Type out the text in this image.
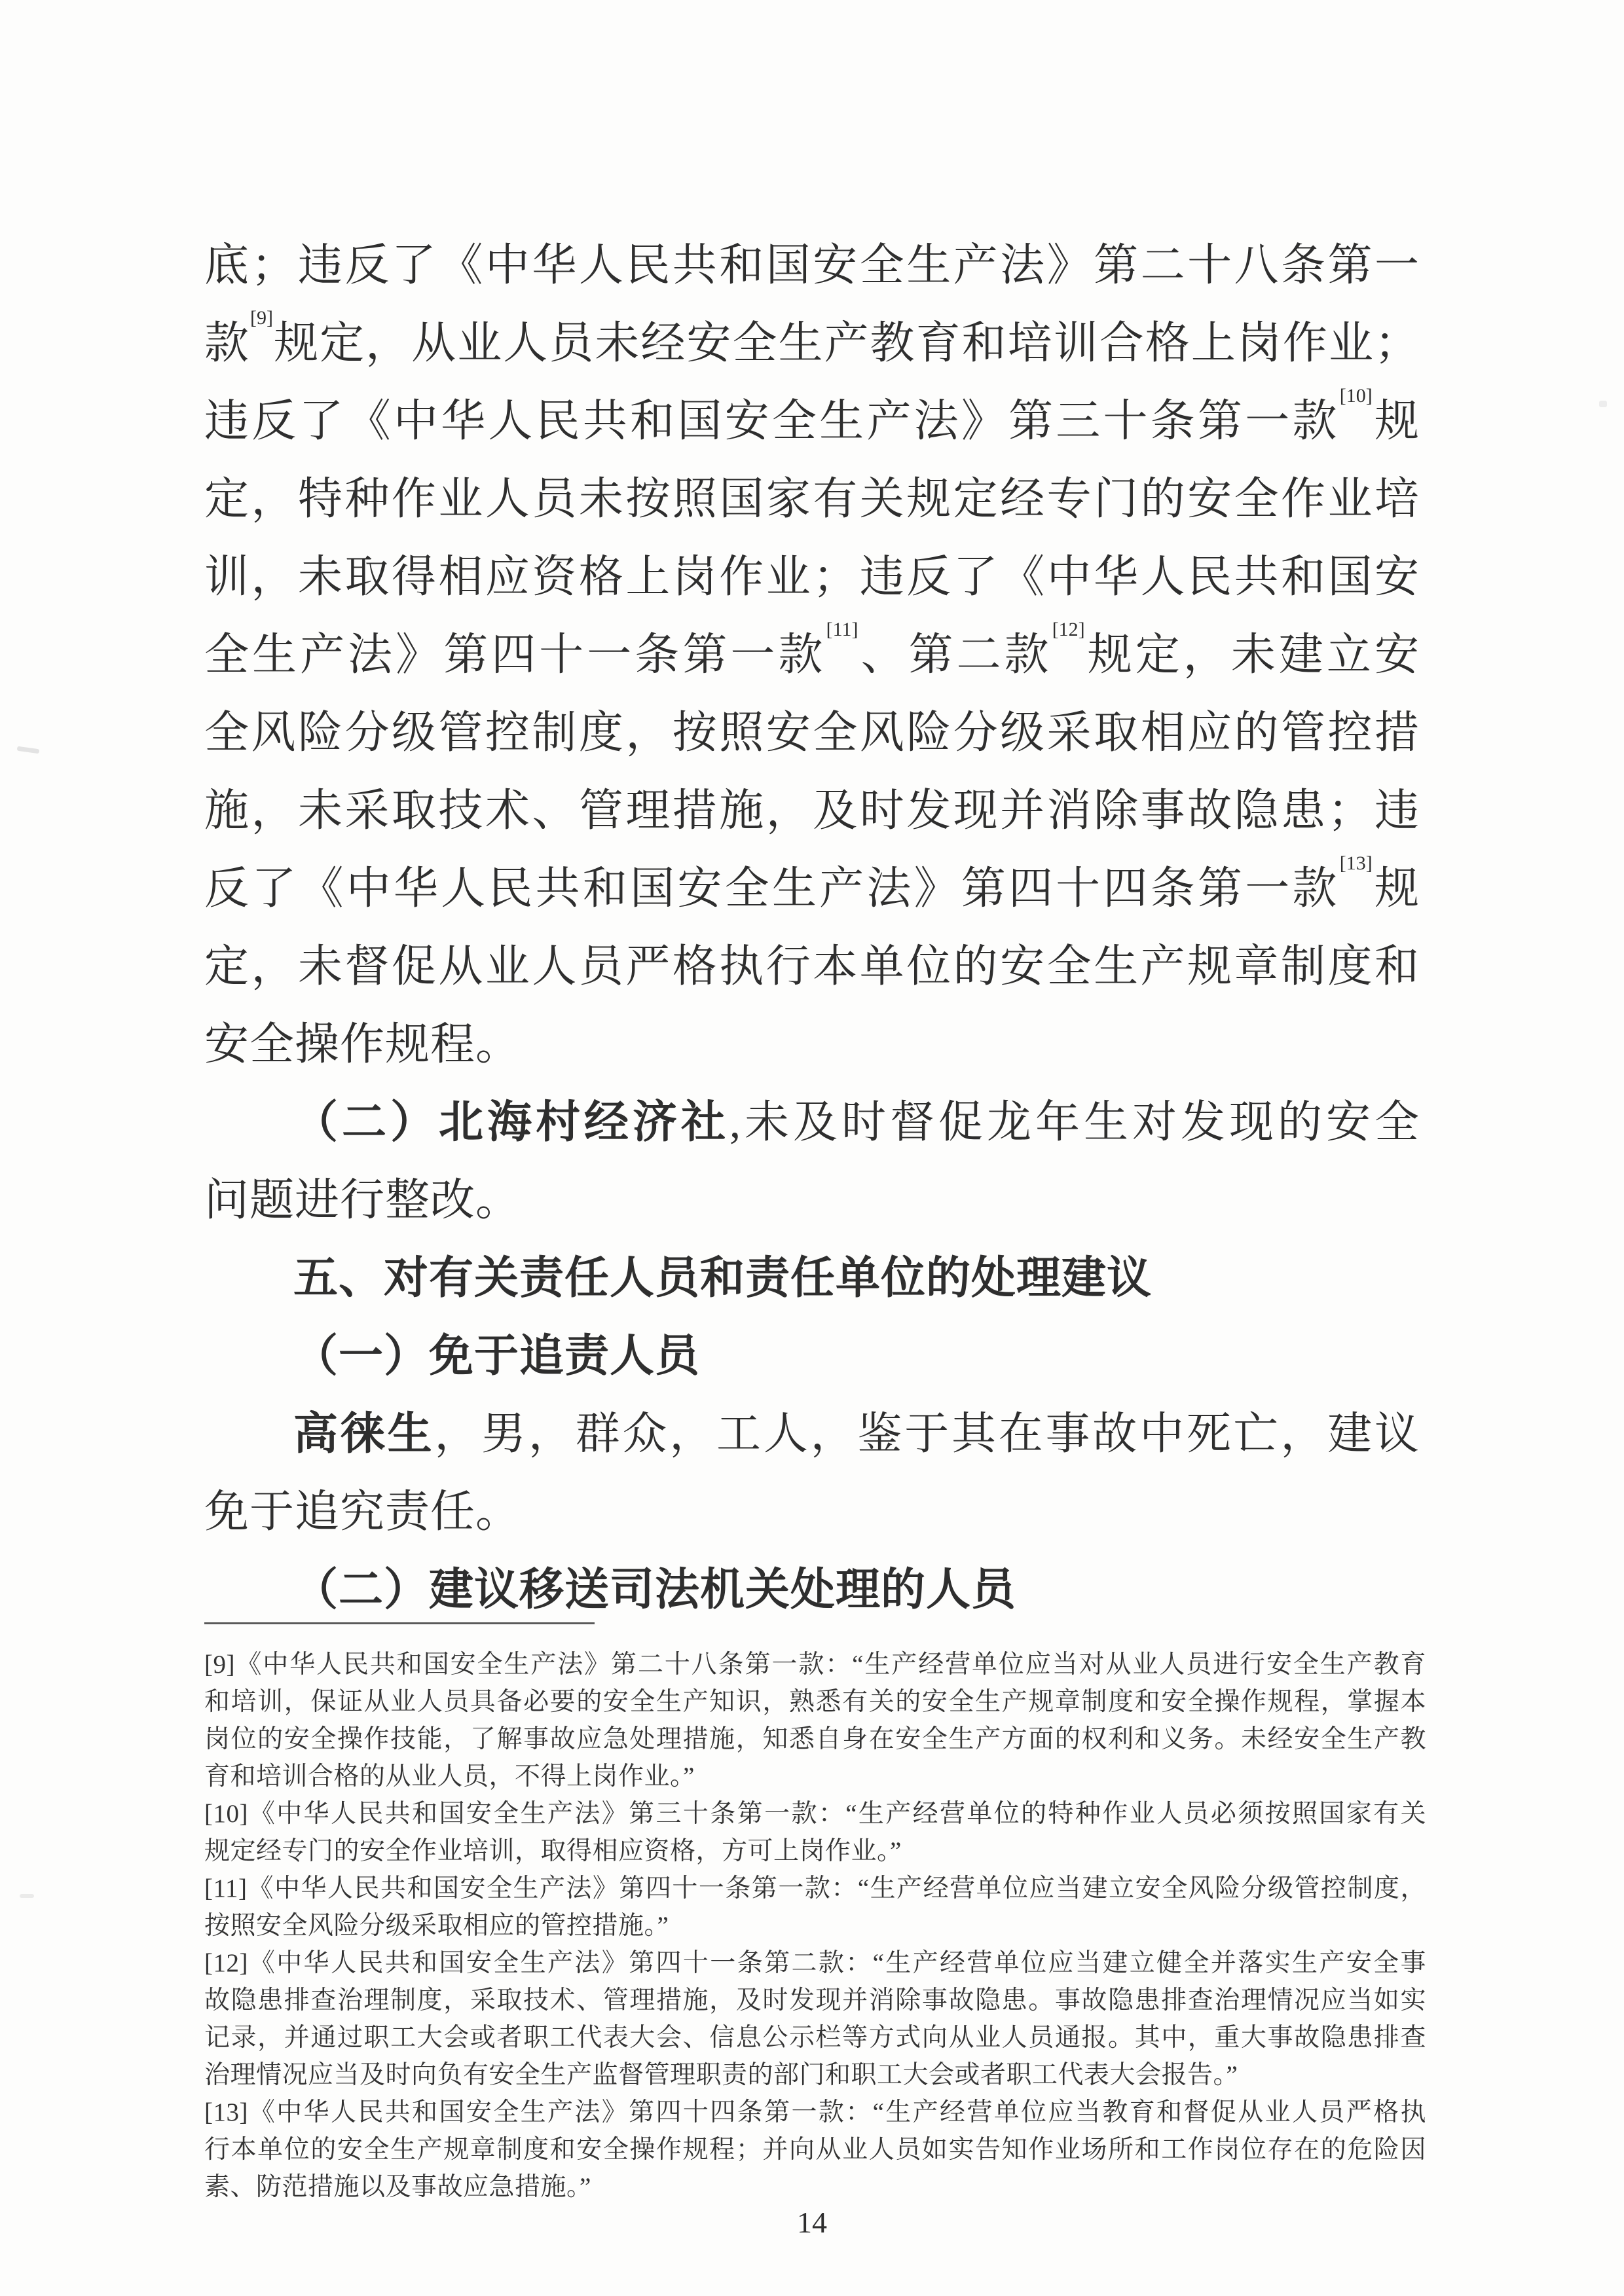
底；违反了《中华人民共和国安全生产法》第二十八条第一
款[9]规定，从业人员未经安全生产教育和培训合格上岗作业；
违反了《中华人民共和国安全生产法》第三十条第一款[10]规
定，特种作业人员未按照国家有关规定经专门的安全作业培
训，未取得相应资格上岗作业；违反了《中华人民共和国安
全生产法》第四十一条第一款[11]、第二款[12]规定，未建立安
全风险分级管控制度，按照安全风险分级采取相应的管控措
施，未采取技术、管理措施，及时发现并消除事故隐患；违
反了《中华人民共和国安全生产法》第四十四条第一款[13]规
定，未督促从业人员严格执行本单位的安全生产规章制度和
安全操作规程。
（二）北海村经济社,未及时督促龙年生对发现的安全
问题进行整改。
五、对有关责任人员和责任单位的处理建议
（一）免于追责人员
高徕生，男，群众，工人，鉴于其在事故中死亡，建议
免于追究责任。
（二）建议移送司法机关处理的人员
[9]《中华人民共和国安全生产法》第二十八条第一款：“生产经营单位应当对从业人员进行安全生产教育
和培训，保证从业人员具备必要的安全生产知识，熟悉有关的安全生产规章制度和安全操作规程，掌握本
岗位的安全操作技能，了解事故应急处理措施，知悉自身在安全生产方面的权利和义务。未经安全生产教
育和培训合格的从业人员，不得上岗作业。”
[10]《中华人民共和国安全生产法》第三十条第一款：“生产经营单位的特种作业人员必须按照国家有关
规定经专门的安全作业培训，取得相应资格，方可上岗作业。”
[11]《中华人民共和国安全生产法》第四十一条第一款：“生产经营单位应当建立安全风险分级管控制度，
按照安全风险分级采取相应的管控措施。”
[12]《中华人民共和国安全生产法》第四十一条第二款：“生产经营单位应当建立健全并落实生产安全事
故隐患排查治理制度，采取技术、管理措施，及时发现并消除事故隐患。事故隐患排查治理情况应当如实
记录，并通过职工大会或者职工代表大会、信息公示栏等方式向从业人员通报。其中，重大事故隐患排查
治理情况应当及时向负有安全生产监督管理职责的部门和职工大会或者职工代表大会报告。”
[13]《中华人民共和国安全生产法》第四十四条第一款：“生产经营单位应当教育和督促从业人员严格执
行本单位的安全生产规章制度和安全操作规程；并向从业人员如实告知作业场所和工作岗位存在的危险因
素、防范措施以及事故应急措施。”
14
